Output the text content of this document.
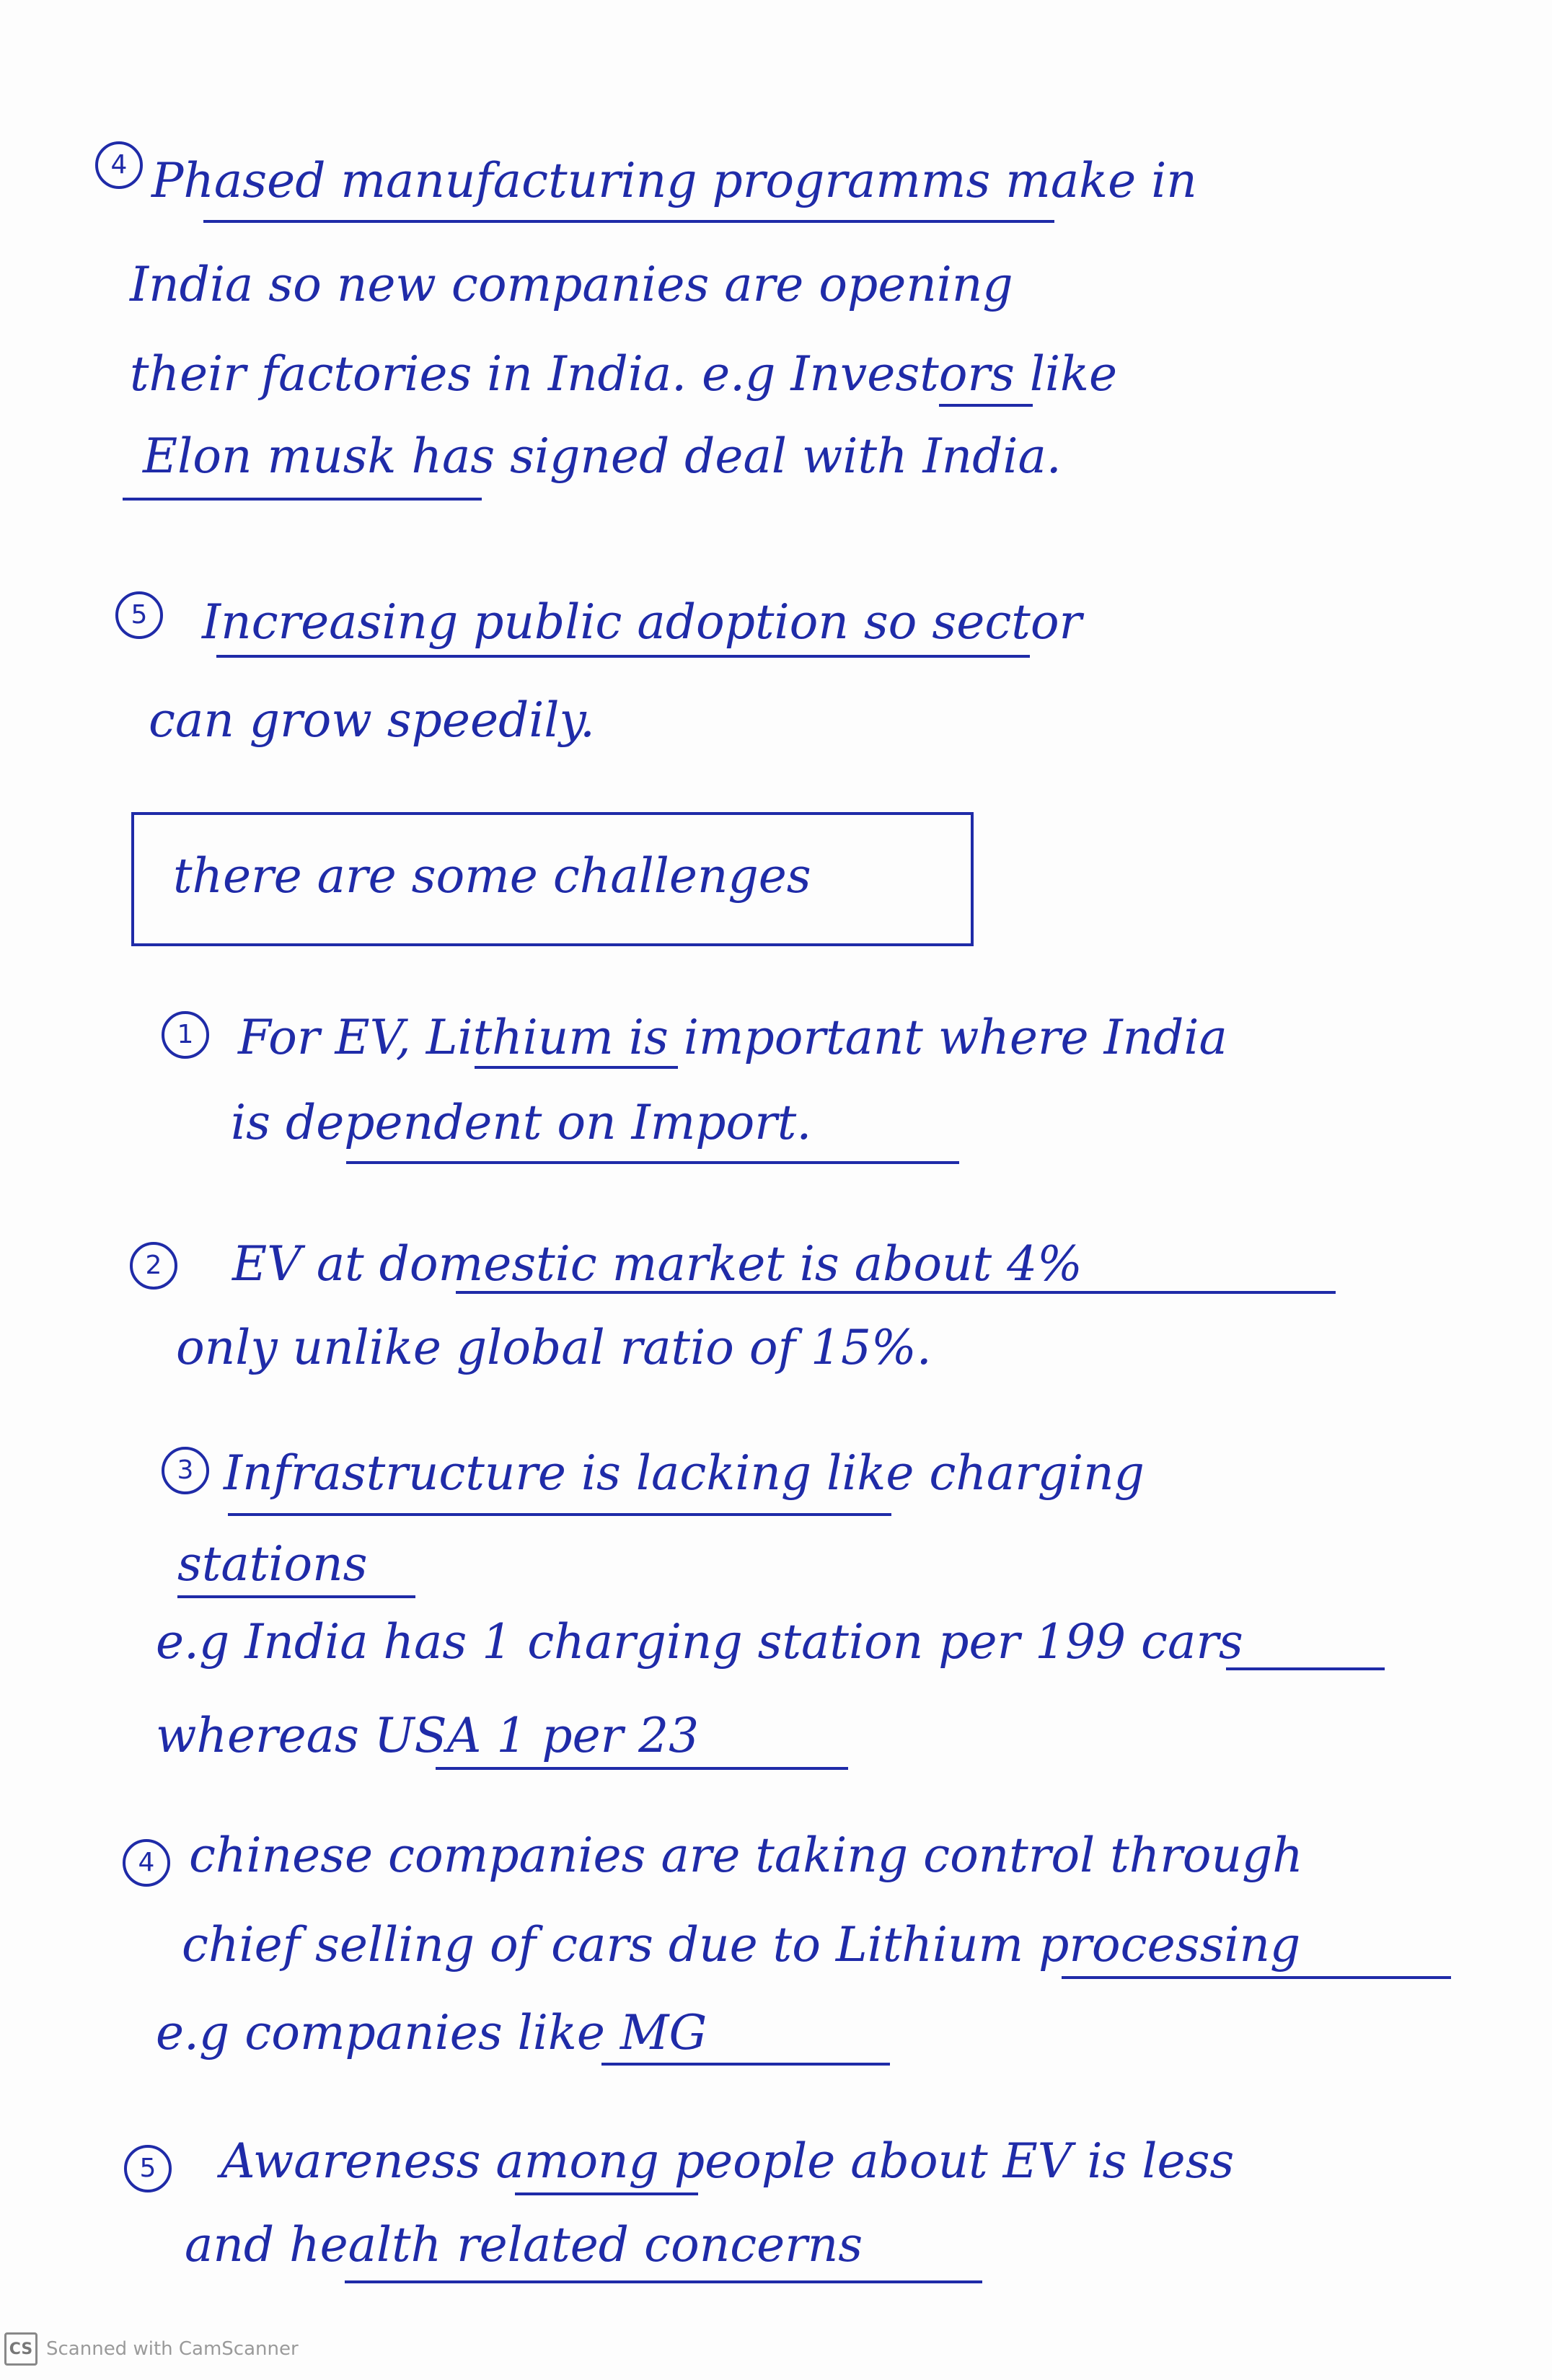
4 Phased manufacturing programms make in
India so new companies are opening
their factories in India. e.g Investors like
Elon musk has signed deal with India.
5	Increasing public adoption so sector
can grow speedily.
there are some challenges
1 For EV, Lithium is important where India
is dependent on Import.
2	EV at domestic market is about 4%
only unlike global ratio of 15%.
3 Infrastructure is lacking like charging
stations
e.g India has 1 charging station per 199 cars
whereas USA 1 per 23
4 chinese companies are taking control through
chief selling of cars due to Lithium processing
e.g companies like MG
5	Awareness among people about EV is less
and health related concerns
CS Scanned with CamScanner
